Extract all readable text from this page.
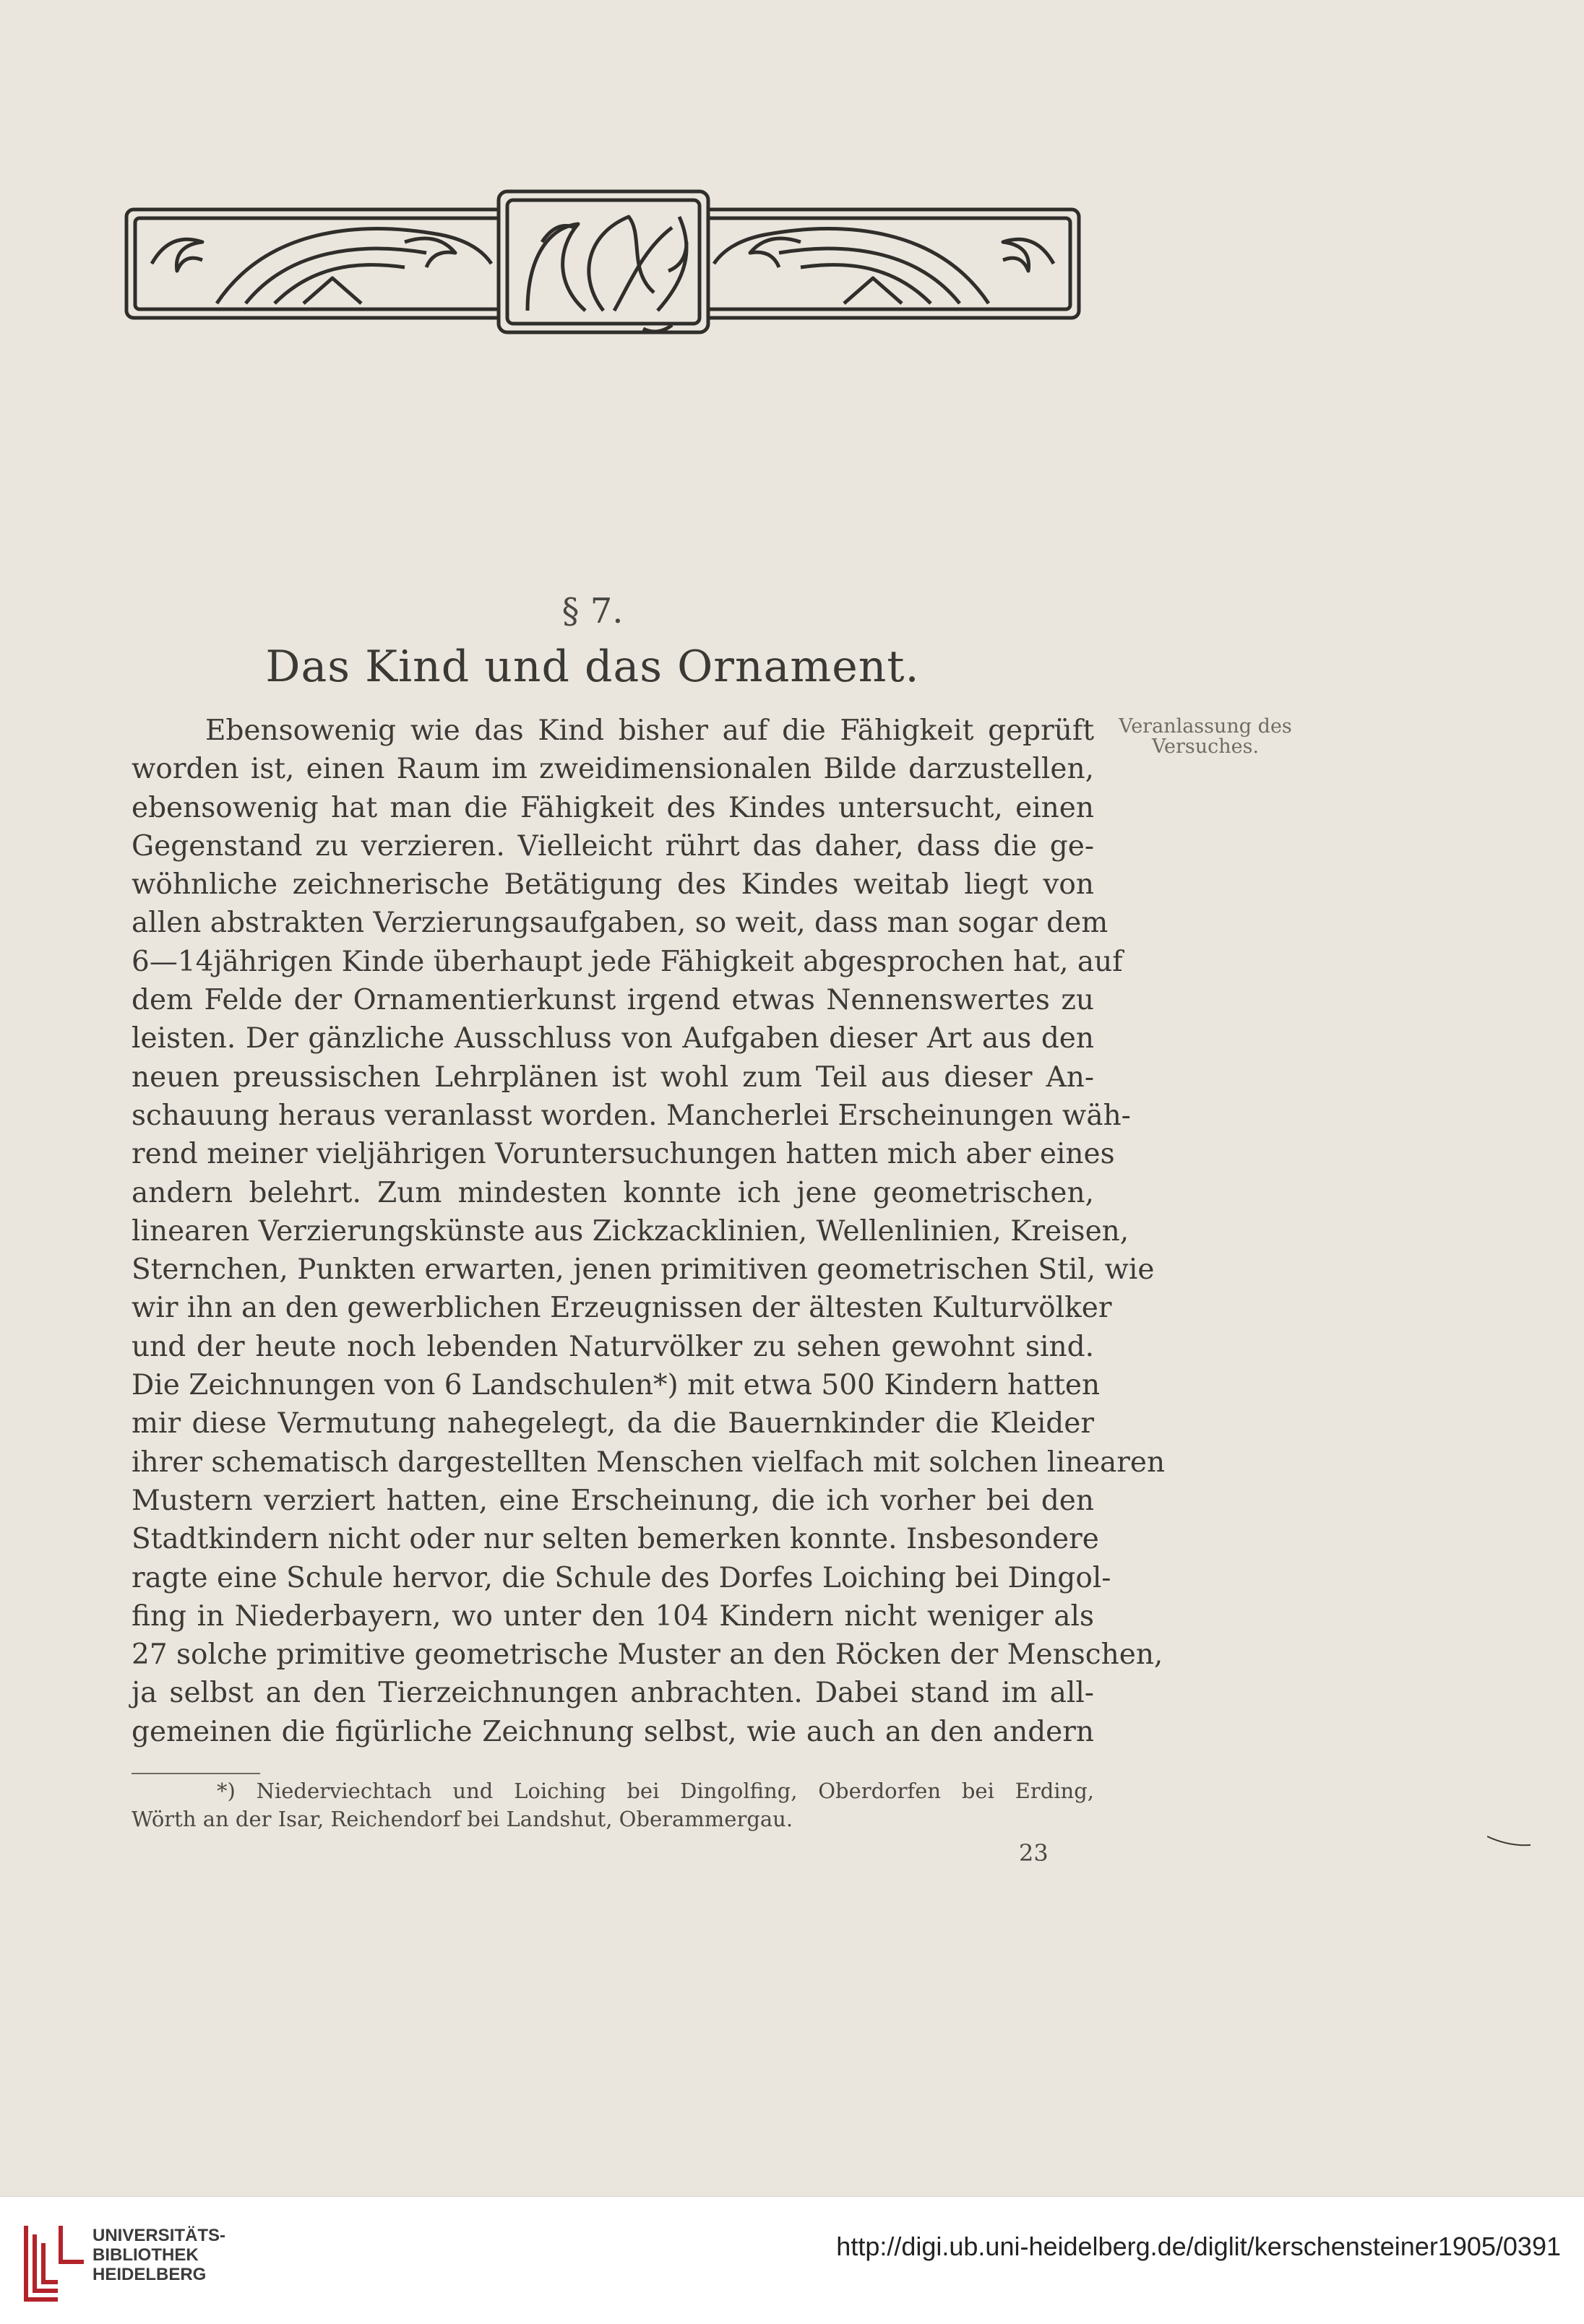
§ 7.
Das Kind und das Ornament.
Veranlassung des
Versuches.
Ebensowenig wie das Kind bisher auf die Fähigkeit geprüft
worden ist, einen Raum im zweidimensionalen Bilde darzustellen,
ebensowenig hat man die Fähigkeit des Kindes untersucht, einen
Gegenstand zu verzieren. Vielleicht rührt das daher, dass die ge-
wöhnliche zeichnerische Betätigung des Kindes weitab liegt von
allen abstrakten Verzierungsaufgaben, so weit, dass man sogar dem
6—14jährigen Kinde überhaupt jede Fähigkeit abgesprochen hat, auf
dem Felde der Ornamentierkunst irgend etwas Nennenswertes zu
leisten. Der gänzliche Ausschluss von Aufgaben dieser Art aus den
neuen preussischen Lehrplänen ist wohl zum Teil aus dieser An-
schauung heraus veranlasst worden. Mancherlei Erscheinungen wäh-
rend meiner vieljährigen Voruntersuchungen hatten mich aber eines
andern belehrt. Zum mindesten konnte ich jene geometrischen,
linearen Verzierungskünste aus Zickzacklinien, Wellenlinien, Kreisen,
Sternchen, Punkten erwarten, jenen primitiven geometrischen Stil, wie
wir ihn an den gewerblichen Erzeugnissen der ältesten Kulturvölker
und der heute noch lebenden Naturvölker zu sehen gewohnt sind.
Die Zeichnungen von 6 Landschulen*) mit etwa 500 Kindern hatten
mir diese Vermutung nahegelegt, da die Bauernkinder die Kleider
ihrer schematisch dargestellten Menschen vielfach mit solchen linearen
Mustern verziert hatten, eine Erscheinung, die ich vorher bei den
Stadtkindern nicht oder nur selten bemerken konnte. Insbesondere
ragte eine Schule hervor, die Schule des Dorfes Loiching bei Dingol-
fing in Niederbayern, wo unter den 104 Kindern nicht weniger als
27 solche primitive geometrische Muster an den Röcken der Menschen,
ja selbst an den Tierzeichnungen anbrachten. Dabei stand im all-
gemeinen die figürliche Zeichnung selbst, wie auch an den andern
*) Niederviechtach und Loiching bei Dingolfing, Oberdorfen bei Erding,
Wörth an der Isar, Reichendorf bei Landshut, Oberammergau.
23
UNIVERSITÄTS-
BIBLIOTHEK
HEIDELBERG
http://digi.ub.uni-heidelberg.de/diglit/kerschensteiner1905/0391
